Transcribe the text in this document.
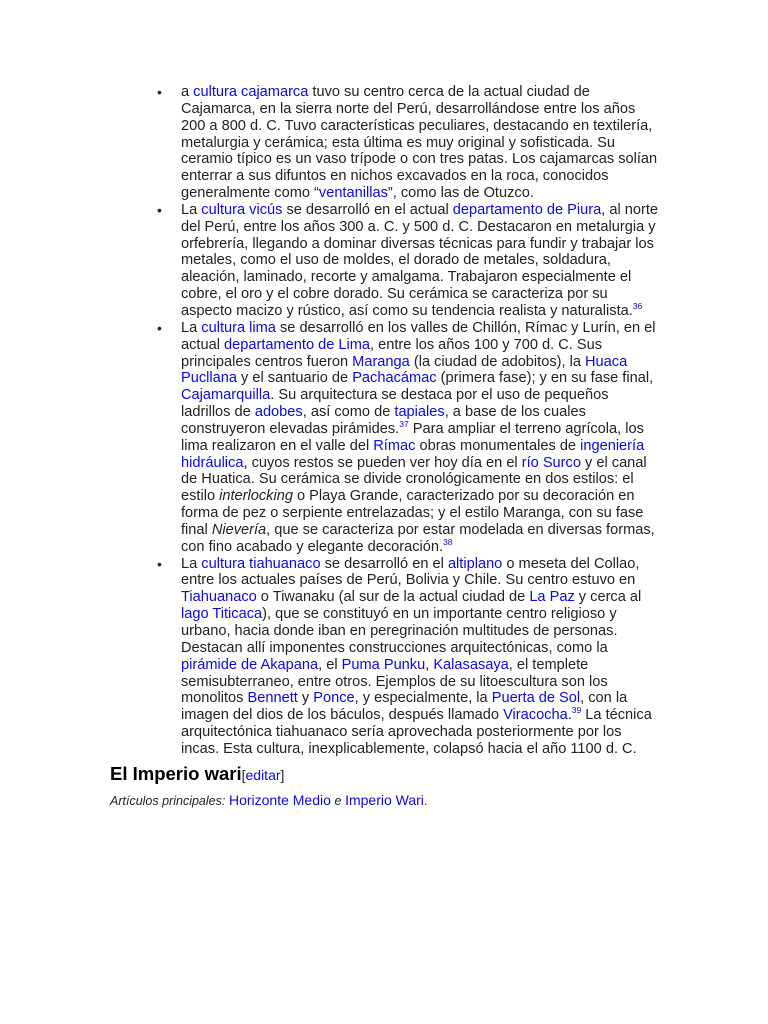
• a cultura cajamarca tuvo su centro cerca de la actual ciudad de Cajamarca, en la sierra norte del Perú, desarrollándose entre los años 200 a 800 d. C. Tuvo características peculiares, destacando en textilería, metalurgia y cerámica; esta última es muy original y sofisticada. Su ceramio típico es un vaso trípode o con tres patas. Los cajamarcas solían enterrar a sus difuntos en nichos excavados en la roca, conocidos generalmente como “ventanillas”, como las de Otuzco.
• La cultura vicús se desarrolló en el actual departamento de Piura, al norte del Perú, entre los años 300 a. C. y 500 d. C. Destacaron en metalurgia y orfebrería, llegando a dominar diversas técnicas para fundir y trabajar los metales, como el uso de moldes, el dorado de metales, soldadura, aleación, laminado, recorte y amalgama. Trabajaron especialmente el cobre, el oro y el cobre dorado. Su cerámica se caracteriza por su aspecto macizo y rústico, así como su tendencia realista y naturalista.$^{36}$
• La cultura lima se desarrolló en los valles de Chillón, Rímac y Lurín, en el actual departamento de Lima, entre los años 100 y 700 d. C. Sus principales centros fueron Maranga (la ciudad de adobitos), la Huaca Pucllana y el santuario de Pachacámac (primera fase); y en su fase final, Cajamarquilla. Su arquitectura se destaca por el uso de pequeños ladrillos de adobes, así como de tapiales, a base de los cuales construyeron elevadas pirámides.$^{37}$ Para ampliar el terreno agrícola, los lima realizaron en el valle del Rímac obras monumentales de ingeniería hidráulica, cuyos restos se pueden ver hoy día en el río Surco y el canal de Huatica. Su cerámica se divide cronológicamente en dos estilos: el estilo interlocking o Playa Grande, caracterizado por su decoración en forma de pez o serpiente entrelazadas; y el estilo Maranga, con su fase final Nievería, que se caracteriza por estar modelada en diversas formas, con fino acabado y elegante decoración.$^{38}$
• La cultura tiahuanaco se desarrolló en el altiplano o meseta del Collao, entre los actuales países de Perú, Bolivia y Chile. Su centro estuvo en Tiahuanaco o Tiwanaku (al sur de la actual ciudad de La Paz y cerca al lago Titicaca), que se constituyó en un importante centro religioso y urbano, hacia donde iban en peregrinación multitudes de personas. Destacan allí imponentes construcciones arquitectónicas, como la pirámide de Akapana, el Puma Punku, Kalasasaya, el templete semisubterraneo, entre otros. Ejemplos de su litoescultura son los monolitos Bennett y Ponce, y especialmente, la Puerta de Sol, con la imagen del dios de los báculos, después llamado Viracocha.$^{39}$ La técnica arquitectónica tiahuanaco sería aprovechada posteriormente por los incas. Esta cultura, inexplicablemente, colapsó hacia el año 1100 d. C.
El Imperio wari[editar]
Artículos principales: Horizonte Medio e Imperio Wari.
